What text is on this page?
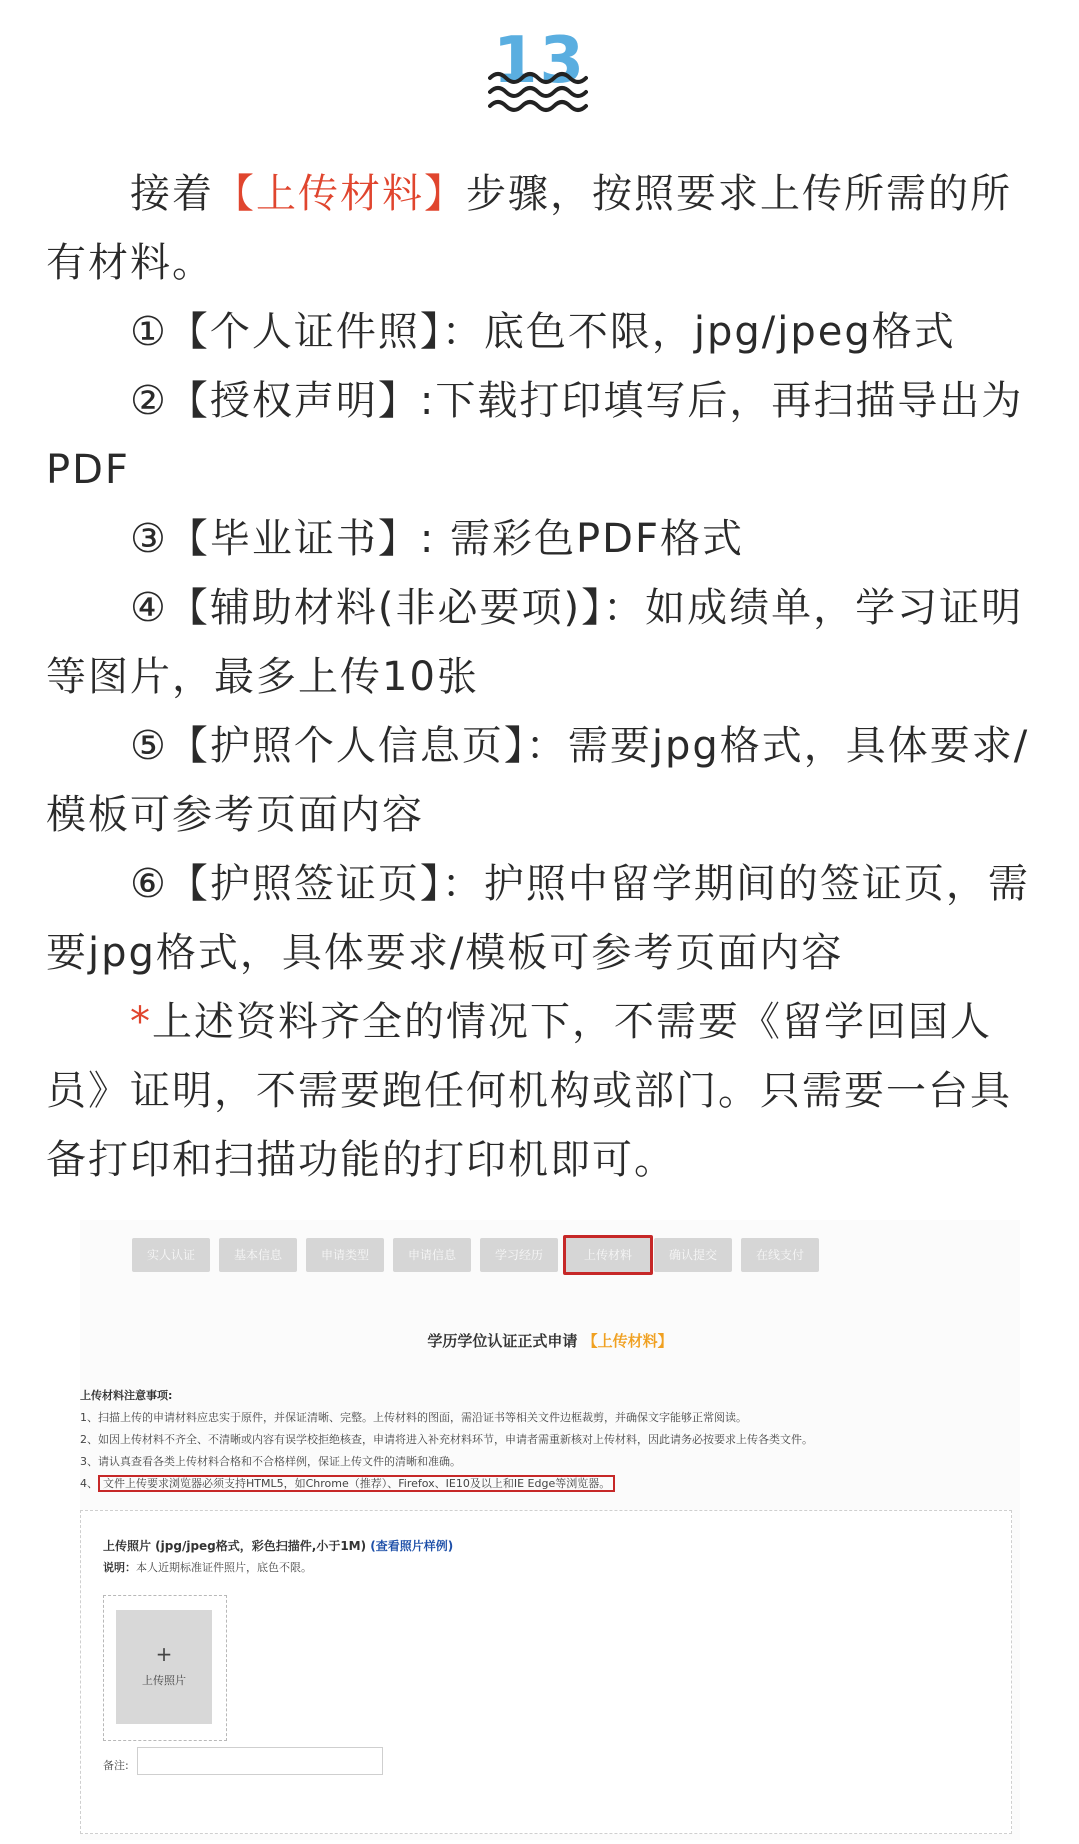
13

接着【上传材料】步骤，按照要求上传所需的所有材料。

①【个人证件照】：底色不限，jpg/jpeg格式

②【授权声明】:下载打印填写后，再扫描导出为PDF

③【毕业证书】: 需彩色PDF格式

④【辅助材料(非必要项)】：如成绩单，学习证明等图片，最多上传10张

⑤【护照个人信息页】：需要jpg格式，具体要求/模板可参考页面内容

⑥【护照签证页】：护照中留学期间的签证页，需要jpg格式，具体要求/模板可参考页面内容

*上述资料齐全的情况下，不需要《留学回国人员》证明，不需要跑任何机构或部门。只需要一台具备打印和扫描功能的打印机即可。

实人认证	基本信息	申请类型	申请信息	学习经历	上传材料	确认提交	在线支付
学历学位认证正式申请 【上传材料】
上传材料注意事项:
1、扫描上传的申请材料应忠实于原件，并保证清晰、完整。上传材料的图面，需沿证书等相关文件边框裁剪，并确保文字能够正常阅读。
2、如因上传材料不齐全、不清晰或内容有误学校拒绝核查，申请将进入补充材料环节，申请者需重新核对上传材料，因此请务必按要求上传各类文件。
3、请认真查看各类上传材料合格和不合格样例，保证上传文件的清晰和准确。
4、 文件上传要求浏览器必须支持HTML5，如Chrome（推荐）、Firefox、IE10及以上和IE Edge等浏览器。
上传照片 (jpg/jpeg格式，彩色扫描件,小于1M) (查看照片样例)
说明：本人近期标准证件照片，底色不限。
+
上传照片
备注:
